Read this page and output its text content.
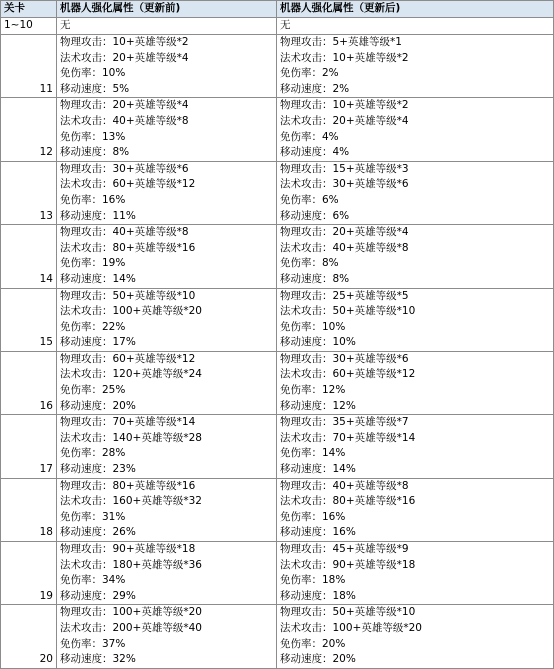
关卡	机器人强化属性（更新前)	机器人强化属性（更新后)
1~10	无	无
11	物理攻击：10+英雄等级*2
法术攻击：20+英雄等级*4
免伤率：10%
移动速度：5%	物理攻击：5+英雄等级*1
法术攻击：10+英雄等级*2
免伤率：2%
移动速度：2%

12	物理攻击：20+英雄等级*4
法术攻击：40+英雄等级*8
免伤率：13%
移动速度：8%	物理攻击：10+英雄等级*2
法术攻击：20+英雄等级*4
免伤率：4%
移动速度：4%

13	物理攻击：30+英雄等级*6
法术攻击：60+英雄等级*12
免伤率：16%
移动速度：11%	物理攻击：15+英雄等级*3
法术攻击：30+英雄等级*6
免伤率：6%
移动速度：6%

14	物理攻击：40+英雄等级*8
法术攻击：80+英雄等级*16
免伤率：19%
移动速度：14%	物理攻击：20+英雄等级*4
法术攻击：40+英雄等级*8
免伤率：8%
移动速度：8%

15	物理攻击：50+英雄等级*10
法术攻击：100+英雄等级*20
免伤率：22%
移动速度：17%	物理攻击：25+英雄等级*5
法术攻击：50+英雄等级*10
免伤率：10%
移动速度：10%

16	物理攻击：60+英雄等级*12
法术攻击：120+英雄等级*24
免伤率：25%
移动速度：20%	物理攻击：30+英雄等级*6
法术攻击：60+英雄等级*12
免伤率：12%
移动速度：12%

17	物理攻击：70+英雄等级*14
法术攻击：140+英雄等级*28
免伤率：28%
移动速度：23%	物理攻击：35+英雄等级*7
法术攻击：70+英雄等级*14
免伤率：14%
移动速度：14%

18	物理攻击：80+英雄等级*16
法术攻击：160+英雄等级*32
免伤率：31%
移动速度：26%	物理攻击：40+英雄等级*8
法术攻击：80+英雄等级*16
免伤率：16%
移动速度：16%

19	物理攻击：90+英雄等级*18
法术攻击：180+英雄等级*36
免伤率：34%
移动速度：29%	物理攻击：45+英雄等级*9
法术攻击：90+英雄等级*18
免伤率：18%
移动速度：18%

20	物理攻击：100+英雄等级*20
法术攻击：200+英雄等级*40
免伤率：37%
移动速度：32%	物理攻击：50+英雄等级*10
法术攻击：100+英雄等级*20
免伤率：20%
移动速度：20%
